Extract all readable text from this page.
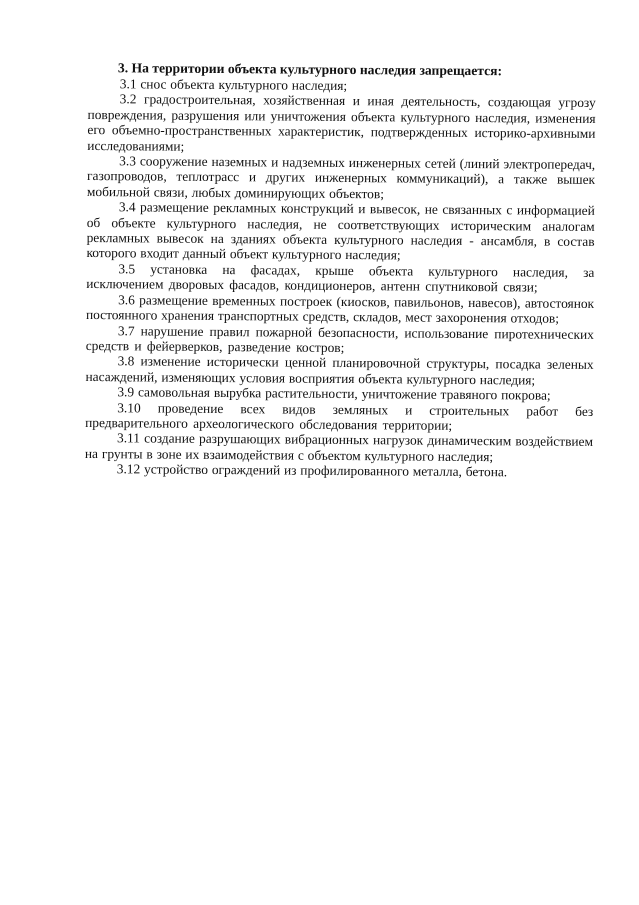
3. На территории объекта культурного наследия запрещается:

3.1 снос объекта культурного наследия;

3.2 градостроительная, хозяйственная и иная деятельность, создающая угрозу повреждения, разрушения или уничтожения объекта культурного наследия, изменения его объемно-пространственных характеристик, подтвержденных историко-архивными исследованиями;

3.3 сооружение наземных и надземных инженерных сетей (линий электропередач, газопроводов, теплотрасс и других инженерных коммуникаций), а также вышек мобильной связи, любых доминирующих объектов;

3.4 размещение рекламных конструкций и вывесок, не связанных с информацией об объекте культурного наследия, не соответствующих историческим аналогам рекламных вывесок на зданиях объекта культурного наследия - ансамбля, в состав которого входит данный объект культурного наследия;

3.5 установка на фасадах, крыше объекта культурного наследия, за исключением дворовых фасадов, кондиционеров, антенн спутниковой связи;

3.6 размещение временных построек (киосков, павильонов, навесов), автостоянок постоянного хранения транспортных средств, складов, мест захоронения отходов;

3.7 нарушение правил пожарной безопасности, использование пиротехнических средств и фейерверков, разведение костров;

3.8 изменение исторически ценной планировочной структуры, посадка зеленых насаждений, изменяющих условия восприятия объекта культурного наследия;

3.9 самовольная вырубка растительности, уничтожение травяного покрова;

3.10 проведение всех видов земляных и строительных работ без предварительного археологического обследования территории;

3.11 создание разрушающих вибрационных нагрузок динамическим воздействием на грунты в зоне их взаимодействия с объектом культурного наследия;

3.12 устройство ограждений из профилированного металла, бетона.
